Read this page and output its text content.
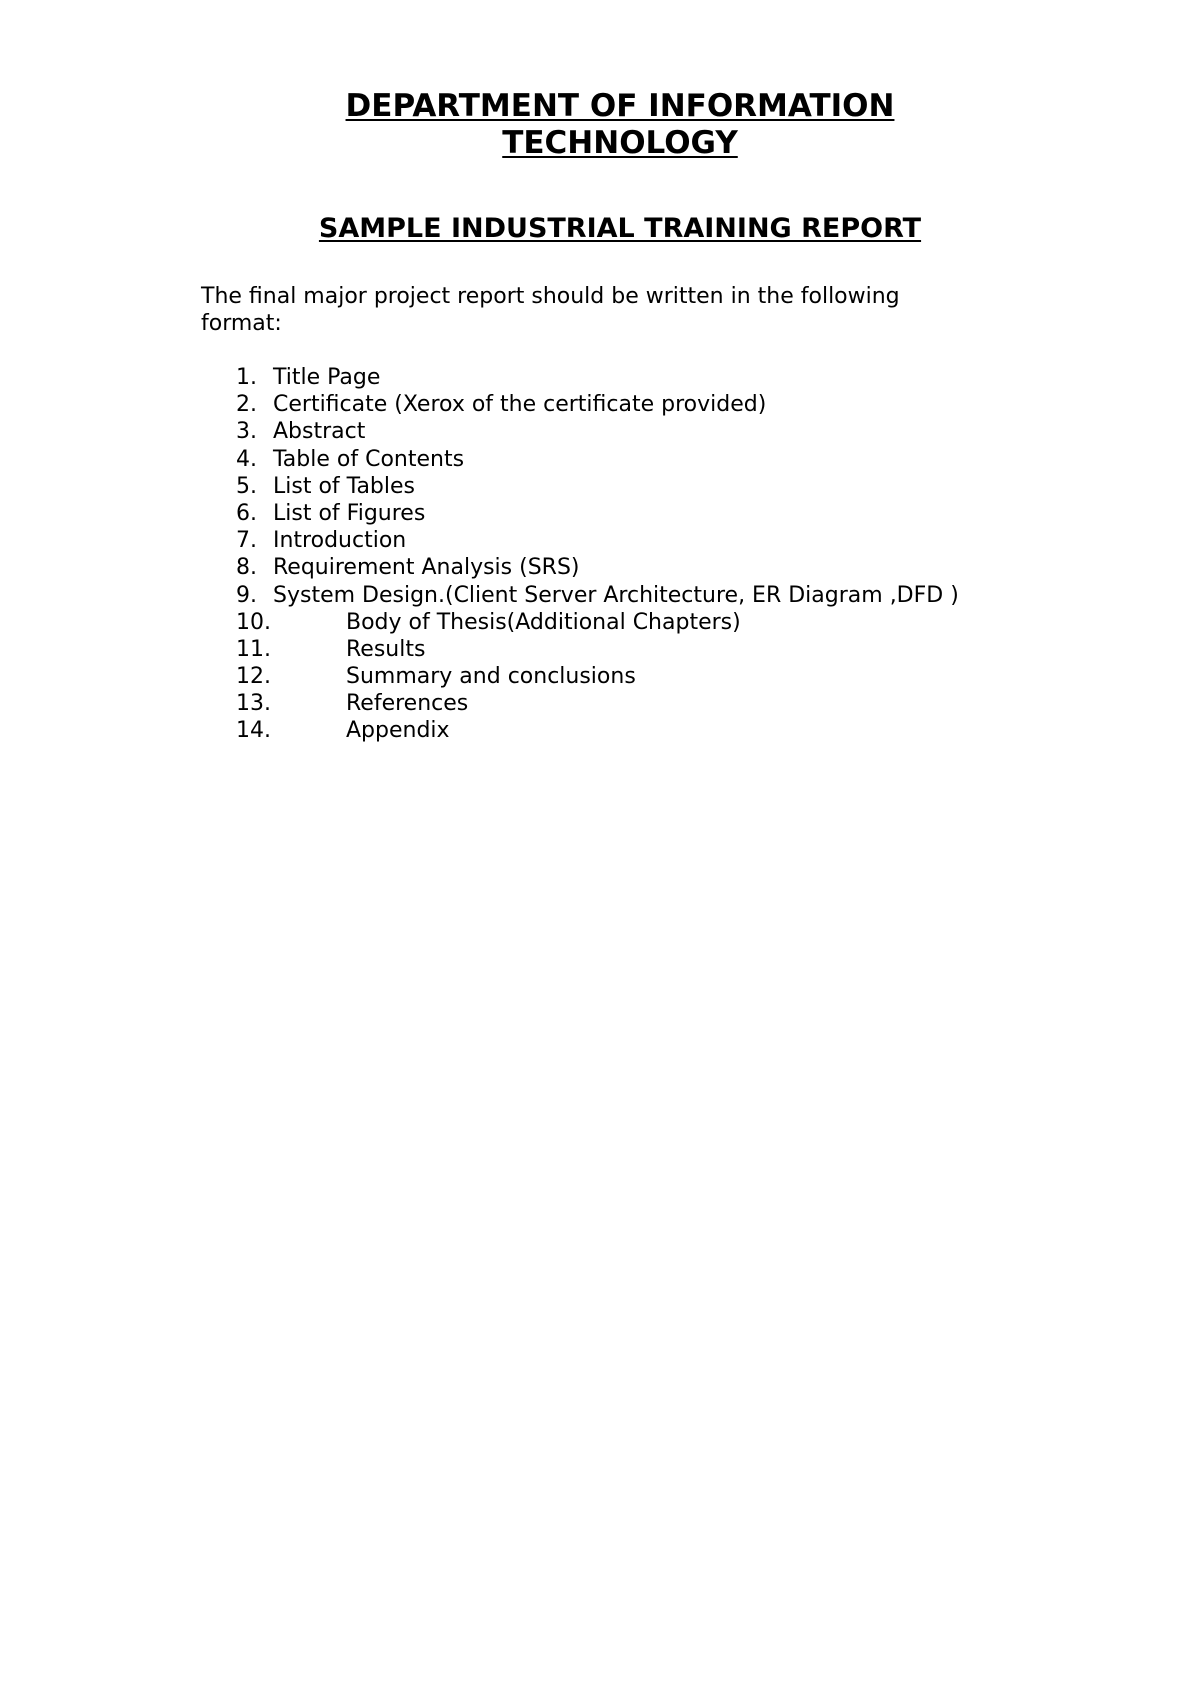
DEPARTMENT OF INFORMATION
TECHNOLOGY
SAMPLE INDUSTRIAL TRAINING REPORT

The final major project report should be written in the following format:

1. Title Page
2. Certificate (Xerox of the certificate provided)
3. Abstract
4. Table of Contents
5. List of Tables
6. List of Figures
7. Introduction
8. Requirement Analysis (SRS)
9. System Design.(Client Server Architecture, ER Diagram ,DFD )
10.	Body of Thesis(Additional Chapters)
11.	Results
12.	Summary and conclusions
13.	References
14.	Appendix
